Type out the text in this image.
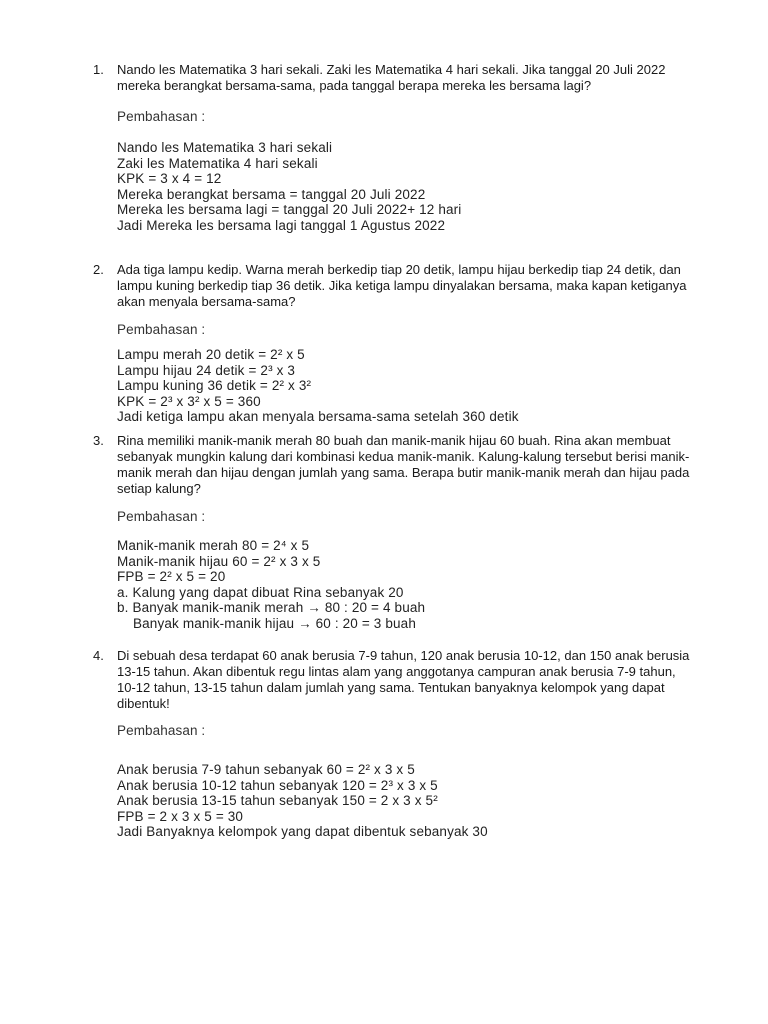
1. Nando les Matematika 3 hari sekali. Zaki les Matematika 4 hari sekali. Jika tanggal 20 Juli 2022 mereka berangkat bersama-sama, pada tanggal berapa mereka les bersama lagi?

Pembahasan :
Nando les Matematika 3 hari sekali
Zaki les Matematika 4 hari sekali
KPK = 3 x 4 = 12
Mereka berangkat bersama = tanggal 20 Juli 2022
Mereka les bersama lagi = tanggal 20 Juli 2022+ 12 hari
Jadi Mereka les bersama lagi tanggal 1 Agustus 2022
2. Ada tiga lampu kedip. Warna merah berkedip tiap 20 detik, lampu hijau berkedip tiap 24 detik, dan lampu kuning berkedip tiap 36 detik. Jika ketiga lampu dinyalakan bersama, maka kapan ketiganya akan menyala bersama-sama?

Pembahasan :
Lampu merah 20 detik = 2² x 5
Lampu hijau 24 detik = 2³ x 3
Lampu kuning 36 detik = 2² x 3²
KPK = 2³ x 3² x 5 = 360
Jadi ketiga lampu akan menyala bersama-sama setelah 360 detik
3. Rina memiliki manik-manik merah 80 buah dan manik-manik hijau 60 buah. Rina akan membuat sebanyak mungkin kalung dari kombinasi kedua manik-manik. Kalung-kalung tersebut berisi manik-manik merah dan hijau dengan jumlah yang sama. Berapa butir manik-manik merah dan hijau pada setiap kalung?

Pembahasan :
Manik-manik merah 80 = 2⁴ x 5
Manik-manik hijau 60 = 2² x 3 x 5
FPB = 2² x 5 = 20
a. Kalung yang dapat dibuat Rina sebanyak 20
b. Banyak manik-manik merah → 80 : 20 = 4 buah
Banyak manik-manik hijau → 60 : 20 = 3 buah
4. Di sebuah desa terdapat 60 anak berusia 7-9 tahun, 120 anak berusia 10-12, dan 150 anak berusia 13-15 tahun. Akan dibentuk regu lintas alam yang anggotanya campuran anak berusia 7-9 tahun, 10-12 tahun, 13-15 tahun dalam jumlah yang sama. Tentukan banyaknya kelompok yang dapat dibentuk!

Pembahasan :
Anak berusia 7-9 tahun sebanyak 60 = 2² x 3 x 5
Anak berusia 10-12 tahun sebanyak 120 = 2³ x 3 x 5
Anak berusia 13-15 tahun sebanyak 150 = 2 x 3 x 5²
FPB = 2 x 3 x 5 = 30
Jadi Banyaknya kelompok yang dapat dibentuk sebanyak 30
